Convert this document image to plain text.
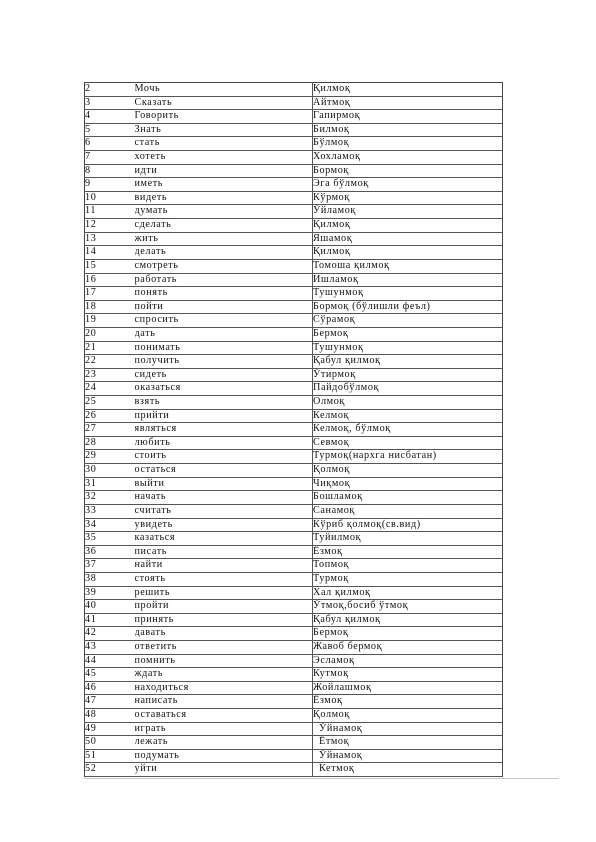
2	Мочь	Қилмоқ
3	Сказать	Айтмоқ
4	Говорить	Гапирмоқ
5	Знать	Билмоқ
6	стать	Бўлмоқ
7	хотеть	Хохламоқ
8	идти	Бормоқ
9	иметь	Эга бўлмоқ
10	видеть	Кўрмоқ
11	думать	Ўйламоқ
12	сделать	Қилмоқ
13	жить	Яшамоқ
14	делать	Қилмоқ
15	смотреть	Томоша қилмоқ
16	работать	Ишламоқ
17	понять	Тушунмоқ
18	пойти	Бормоқ (бўлишли феъл)
19	спросить	Сўрамоқ
20	дать	Бермоқ
21	понимать	Тушунмоқ
22	получить	Қабул қилмоқ
23	сидеть	Ўтирмоқ
24	оказаться	Пайдобўлмоқ
25	взять	Олмоқ
26	прийти	Келмоқ
27	являться	Келмоқ, бўлмоқ
28	любить	Севмоқ
29	стоить	Турмоқ(нархга нисбатан)
30	остаться	Қолмоқ
31	выйти	Чиқмоқ
32	начать	Бошламоқ
33	считать	Санамоқ
34	увидеть	Кўриб қолмоқ(св.вид)
35	казаться	Туйилмоқ
36	писать	Ёзмоқ
37	найти	Топмоқ
38	стоять	Турмоқ
39	решить	Хал қилмоқ
40	пройти	Ўтмоқ,босиб ўтмоқ
41	принять	Қабул қилмоқ
42	давать	Бермоқ
43	ответить	Жавоб бермоқ
44	помнить	Эсламоқ
45	ждать	Кутмоқ
46	находиться	Жойлашмоқ
47	написать	Ёзмоқ
48	оставаться	Қолмоқ
49	играть	Ўйнамоқ
50	лежать	Ётмоқ
51	подумать	Ўйнамоқ
52	уйти	Кетмоқ
